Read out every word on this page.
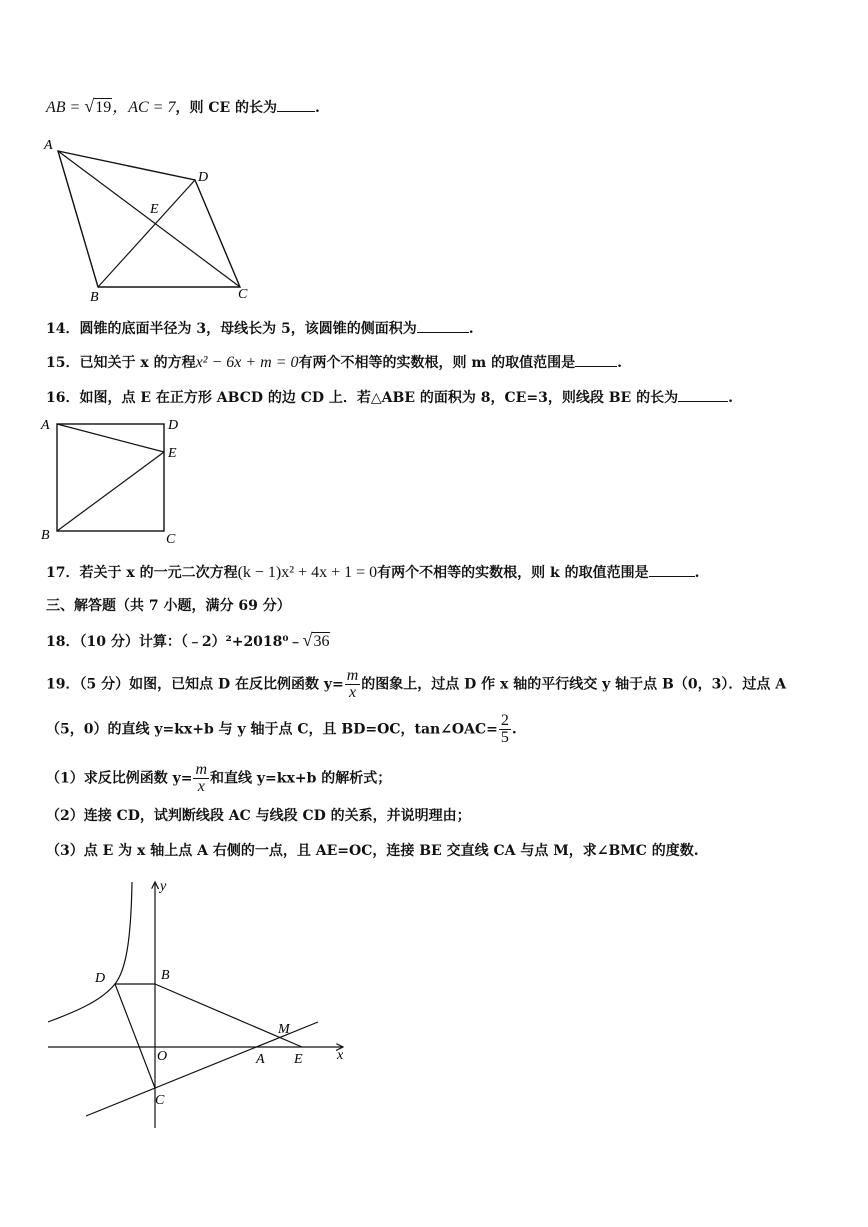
AB = √19，AC = 7，则 CE 的长为	.
A
D
E
B	C
14．圆锥的底面半径为 3，母线长为 5，该圆锥的侧面积为	.
15．已知关于 x 的方程x² − 6x + m = 0有两个不相等的实数根，则 m 的取值范围是	.
16．如图，点 E 在正方形 ABCD 的边 CD 上．若△ABE 的面积为 8，CE=3，则线段 BE 的长为	.
A	D
E
B	C
17．若关于 x 的一元二次方程(k − 1)x² + 4x + 1 = 0有两个不相等的实数根，则 k 的取值范围是	.
三、解答题（共 7 小题，满分 69 分）
18．（10 分）计算：（﹣2）²+2018⁰﹣√36
19．（5 分）如图，已知点 D 在反比例函数 $y= \frac{m}{x}$ 的图象上，过点 D 作 x 轴的平行线交 y 轴于点 B（0，3）．过点 A
（5，0）的直线 y=kx+b 与 y 轴于点 C，且 BD=OC，tan∠OAC= $\frac{2}{5}$ .
（1）求反比例函数 $y= \frac{m}{x}$ 和直线 y=kx+b 的解析式；
（2）连接 CD，试判断线段 AC 与线段 CD 的关系，并说明理由；
（3）点 E 为 x 轴上点 A 右侧的一点，且 AE=OC，连接 BE 交直线 CA 与点 M，求∠BMC 的度数.
y
x
D	B
O	A E
M
C
